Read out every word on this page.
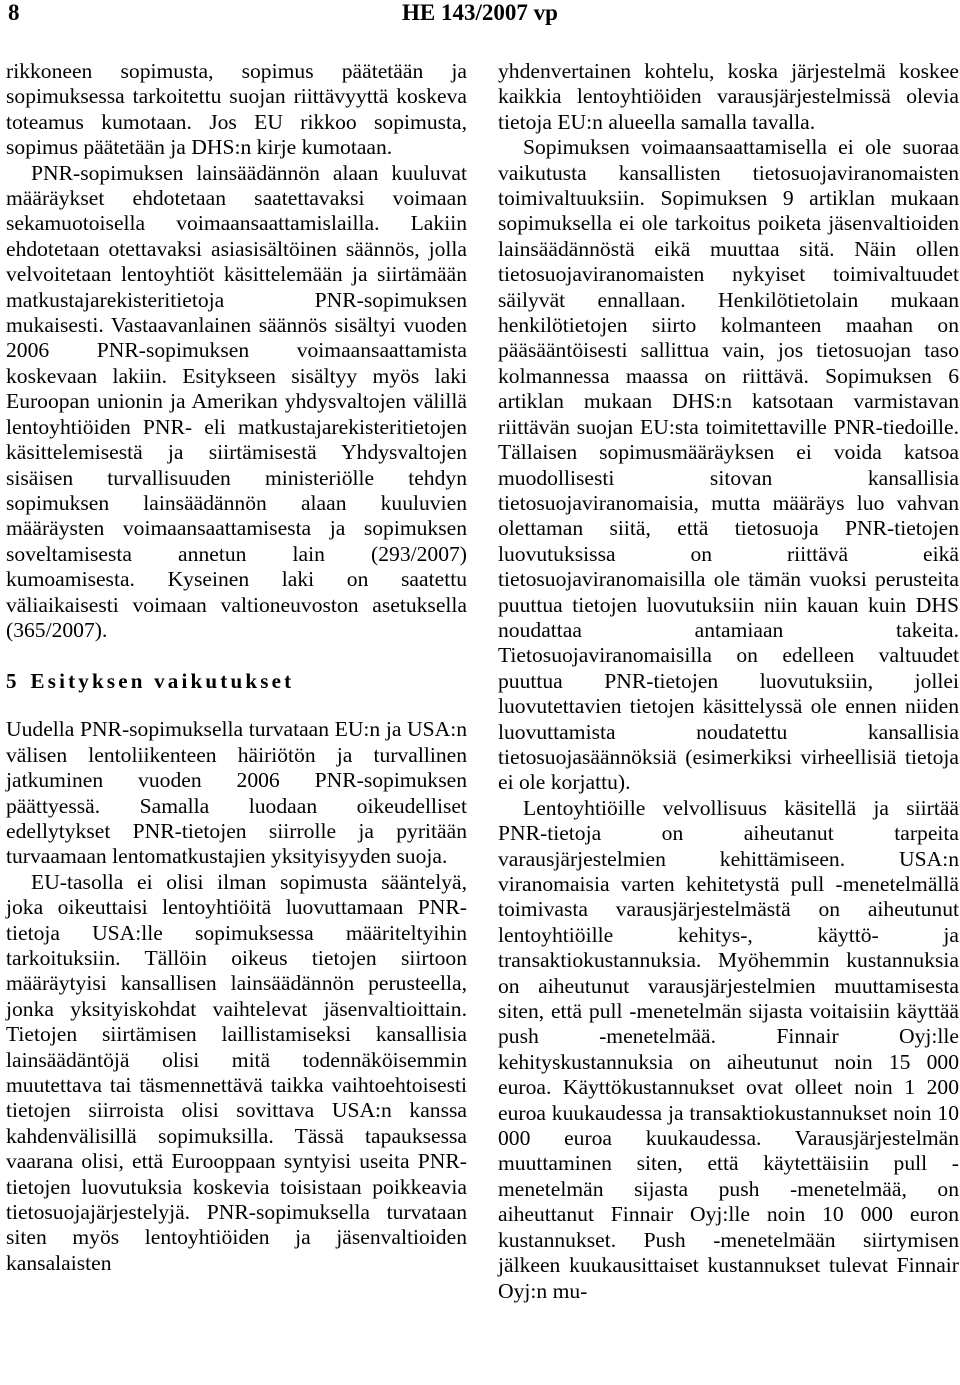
8	HE 143/2007 vp

rikkoneen sopimusta, sopimus päätetään ja sopimuksessa tarkoitettu suojan riittävyyttä koskeva toteamus kumotaan. Jos EU rikkoo sopimusta, sopimus päätetään ja DHS:n kirje kumotaan.

PNR-sopimuksen lainsäädännön alaan kuuluvat määräykset ehdotetaan saatettavaksi voimaan sekamuotoisella voimaansaattamislailla. Lakiin ehdotetaan otettavaksi asiasisältöinen säännös, jolla velvoitetaan lentoyhtiöt käsittelemään ja siirtämään matkustajarekisteritietoja PNR-sopimuksen mukaisesti. Vastaavanlainen säännös sisältyi vuoden 2006 PNR-sopimuksen voimaansaattamista koskevaan lakiin. Esitykseen sisältyy myös laki Euroopan unionin ja Amerikan yhdysvaltojen välillä lentoyhtiöiden PNR- eli matkustajarekisteritietojen käsittelemisestä ja siirtämisestä Yhdysvaltojen sisäisen turvallisuuden ministeriölle tehdyn sopimuksen lainsäädännön alaan kuuluvien määräysten voimaansaattamisesta ja sopimuksen soveltamisesta annetun lain (293/2007) kumoamisesta. Kyseinen laki on saatettu väliaikaisesti voimaan valtioneuvoston asetuksella (365/2007).

5 Esityksen vaikutukset

Uudella PNR-sopimuksella turvataan EU:n ja USA:n välisen lentoliikenteen häiriötön ja turvallinen jatkuminen vuoden 2006 PNR-sopimuksen päättyessä. Samalla luodaan oikeudelliset edellytykset PNR-tietojen siirrolle ja pyritään turvaamaan lentomatkustajien yksityisyyden suoja.

EU-tasolla ei olisi ilman sopimusta sääntelyä, joka oikeuttaisi lentoyhtiöitä luovuttamaan PNR-tietoja USA:lle sopimuksessa määriteltyihin tarkoituksiin. Tällöin oikeus tietojen siirtoon määräytyisi kansallisen lainsäädännön perusteella, jonka yksityiskohdat vaihtelevat jäsenvaltioittain. Tietojen siirtämisen laillistamiseksi kansallisia lainsäädäntöjä olisi mitä todennäköisemmin muutettava tai täsmennettävä taikka vaihtoehtoisesti tietojen siirroista olisi sovittava USA:n kanssa kahdenvälisillä sopimuksilla. Tässä tapauksessa vaarana olisi, että Eurooppaan syntyisi useita PNR-tietojen luovutuksia koskevia toisistaan poikkeavia tietosuojajärjestelyjä. PNR-sopimuksella turvataan siten myös lentoyhtiöiden ja jäsenvaltioiden kansalaisten

yhdenvertainen kohtelu, koska järjestelmä koskee kaikkia lentoyhtiöiden varausjärjestelmissä olevia tietoja EU:n alueella samalla tavalla.

Sopimuksen voimaansaattamisella ei ole suoraa vaikutusta kansallisten tietosuojaviranomaisten toimivaltuuksiin. Sopimuksen 9 artiklan mukaan sopimuksella ei ole tarkoitus poiketa jäsenvaltioiden lainsäädännöstä eikä muuttaa sitä. Näin ollen tietosuojaviranomaisten nykyiset toimivaltuudet säilyvät ennallaan. Henkilötietolain mukaan henkilötietojen siirto kolmanteen maahan on pääsääntöisesti sallittua vain, jos tietosuojan taso kolmannessa maassa on riittävä. Sopimuksen 6 artiklan mukaan DHS:n katsotaan varmistavan riittävän suojan EU:sta toimitettaville PNR-tiedoille. Tällaisen sopimusmääräyksen ei voida katsoa muodollisesti sitovan kansallisia tietosuojaviranomaisia, mutta määräys luo vahvan olettaman siitä, että tietosuoja PNR-tietojen luovutuksissa on riittävä eikä tietosuojaviranomaisilla ole tämän vuoksi perusteita puuttua tietojen luovutuksiin niin kauan kuin DHS noudattaa antamiaan takeita. Tietosuojaviranomaisilla on edelleen valtuudet puuttua PNR-tietojen luovutuksiin, jollei luovutettavien tietojen käsittelyssä ole ennen niiden luovuttamista noudatettu kansallisia tietosuojasäännöksiä (esimerkiksi virheellisiä tietoja ei ole korjattu).

Lentoyhtiöille velvollisuus käsitellä ja siirtää PNR-tietoja on aiheutanut tarpeita varausjärjestelmien kehittämiseen. USA:n viranomaisia varten kehitetystä pull -menetelmällä toimivasta varausjärjestelmästä on aiheutunut lentoyhtiöille kehitys-, käyttö- ja transaktiokustannuksia. Myöhemmin kustannuksia on aiheutunut varausjärjestelmien muuttamisesta siten, että pull -menetelmän sijasta voitaisiin käyttää push -menetelmää. Finnair Oyj:lle kehityskustannuksia on aiheutunut noin 15 000 euroa. Käyttökustannukset ovat olleet noin 1 200 euroa kuukaudessa ja transaktiokustannukset noin 10 000 euroa kuukaudessa. Varausjärjestelmän muuttaminen siten, että käytettäisiin pull -menetelmän sijasta push -menetelmää, on aiheuttanut Finnair Oyj:lle noin 10 000 euron kustannukset. Push -menetelmään siirtymisen jälkeen kuukausittaiset kustannukset tulevat Finnair Oyj:n mu-
